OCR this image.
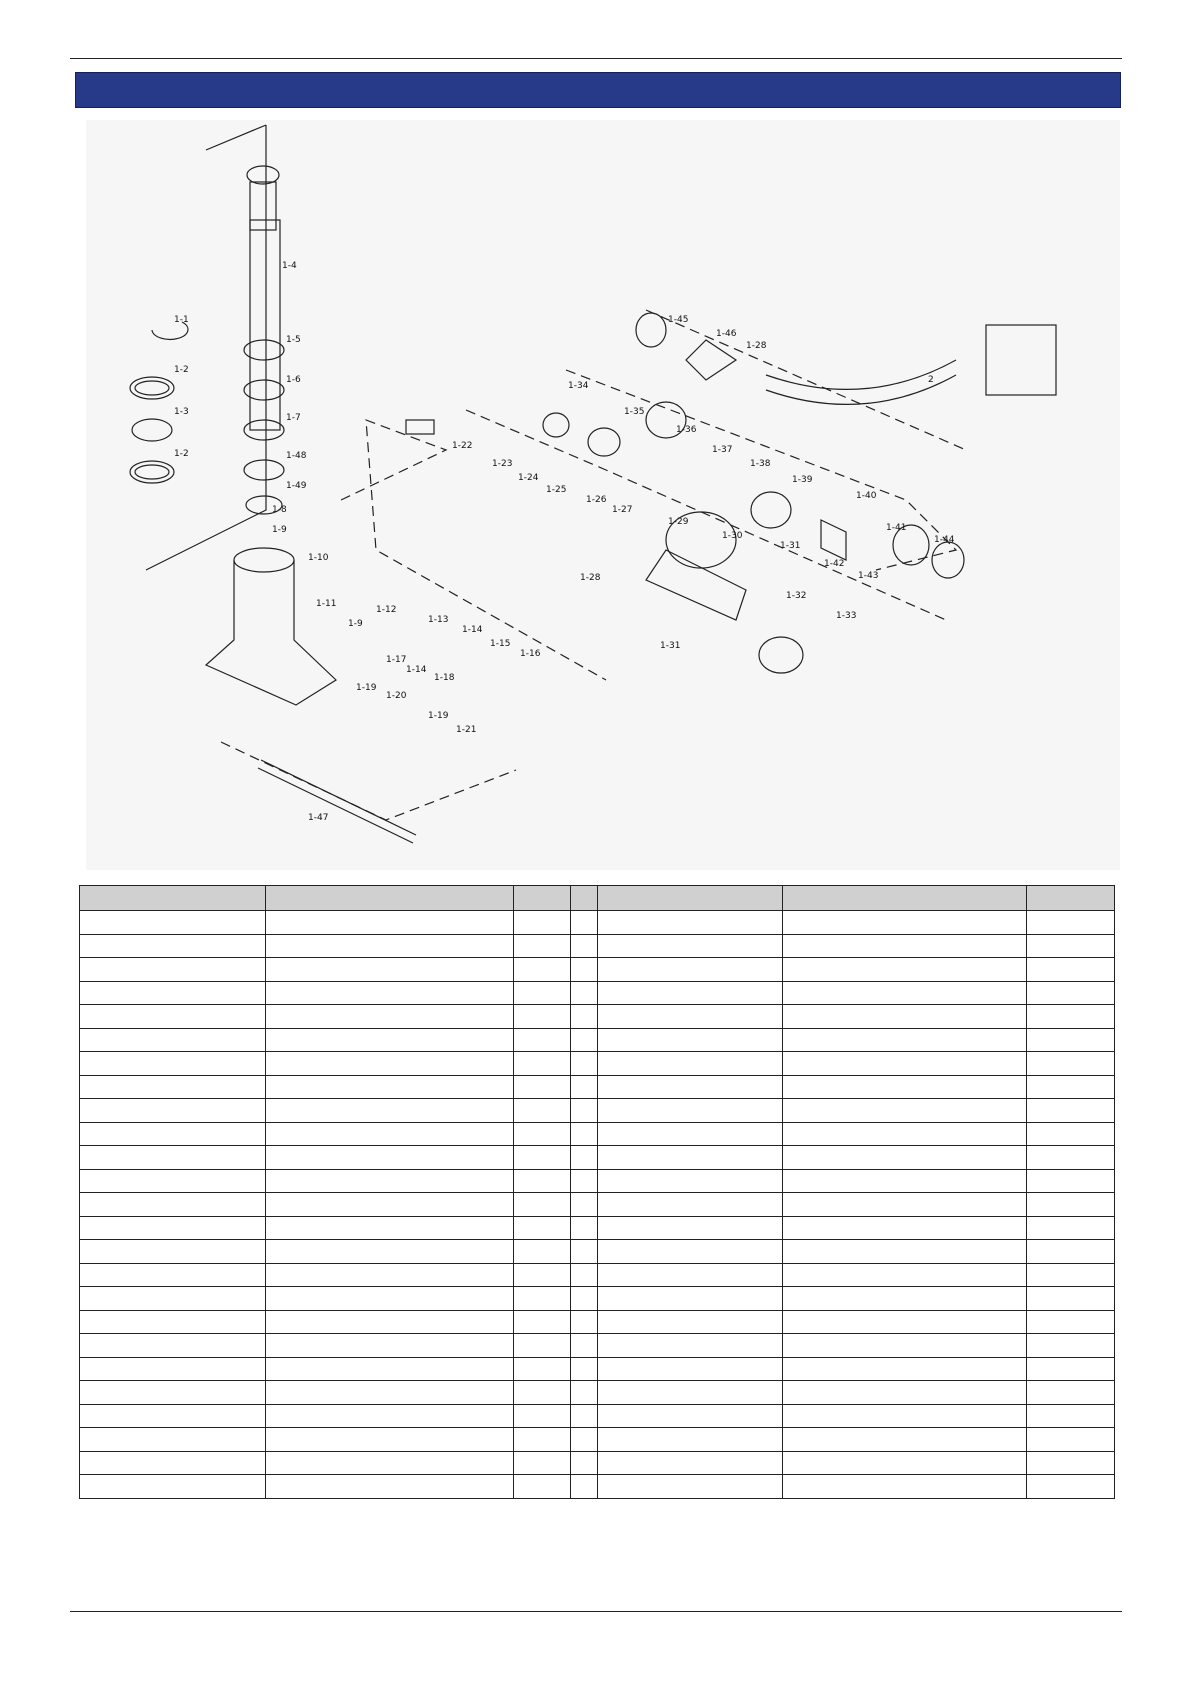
1-1
1-2
1-3
1-2
1-4
1-5
1-6
1-7
1-48
1-49
1-8
1-9
1-10
1-11
1-9
1-12
1-13
1-14
1-15
1-16
1-17
1-14
1-18
1-19
1-20
1-19
1-21
1-47
1-22
1-23
1-24
1-25
1-26
1-27
1-28
1-29
1-30
1-31
1-31
1-32
1-33
1-34
1-35
1-36
1-37
1-38
1-39
1-40
1-41
1-42
1-43
1-44
1-45
1-46
1-28
2
